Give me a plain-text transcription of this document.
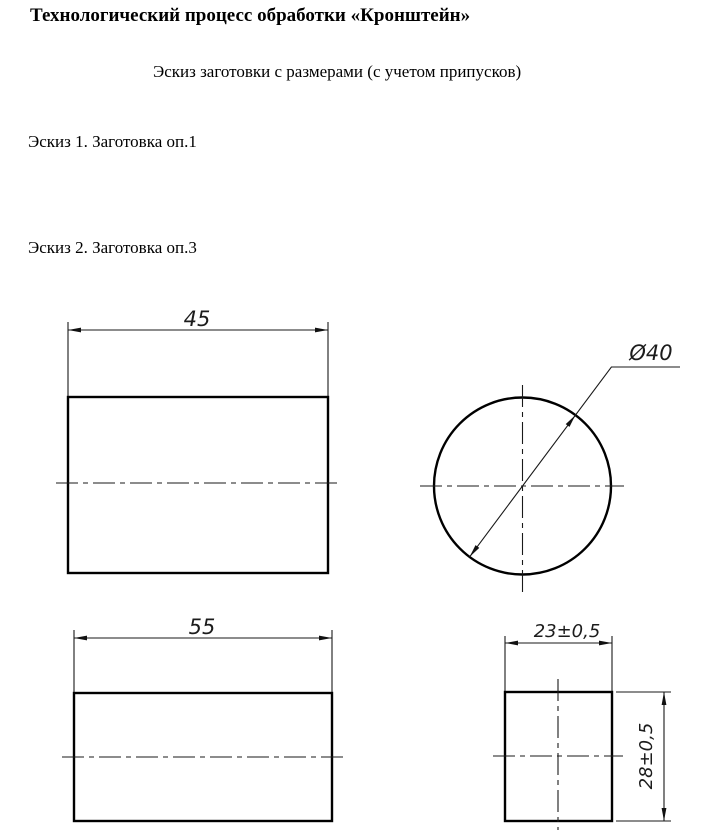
Технологический процесс обработки «Кронштейн»
Эскиз заготовки с размерами (с учетом припусков)
Эскиз 1. Заготовка оп.1
Эскиз 2. Заготовка оп.3
45
Ø40
55	23±0,5
28±0,5
